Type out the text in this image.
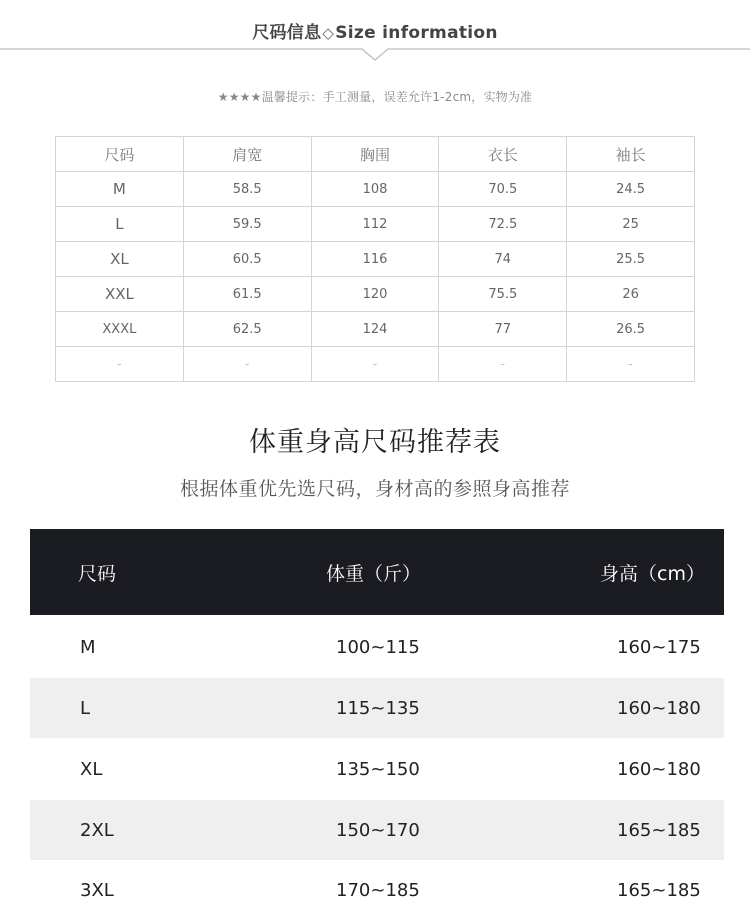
尺码信息◇Size information
★★★★温馨提示：手工测量，误差允许1-2cm，实物为准
尺码	肩宽	胸围	衣长	袖长
M	58.5	108	70.5	24.5
L	59.5	112	72.5	25
XL	60.5	116	74	25.5
XXL	61.5	120	75.5	26
XXXL	62.5	124	77	26.5
-	-	-	-	-
体重身高尺码推荐表
根据体重优先选尺码，身材高的参照身高推荐
尺码	体重（斤）	身高（cm）
M	100~115	160~175
L	115~135	160~180
XL	135~150	160~180
2XL	150~170	165~185
3XL	170~185	165~185
